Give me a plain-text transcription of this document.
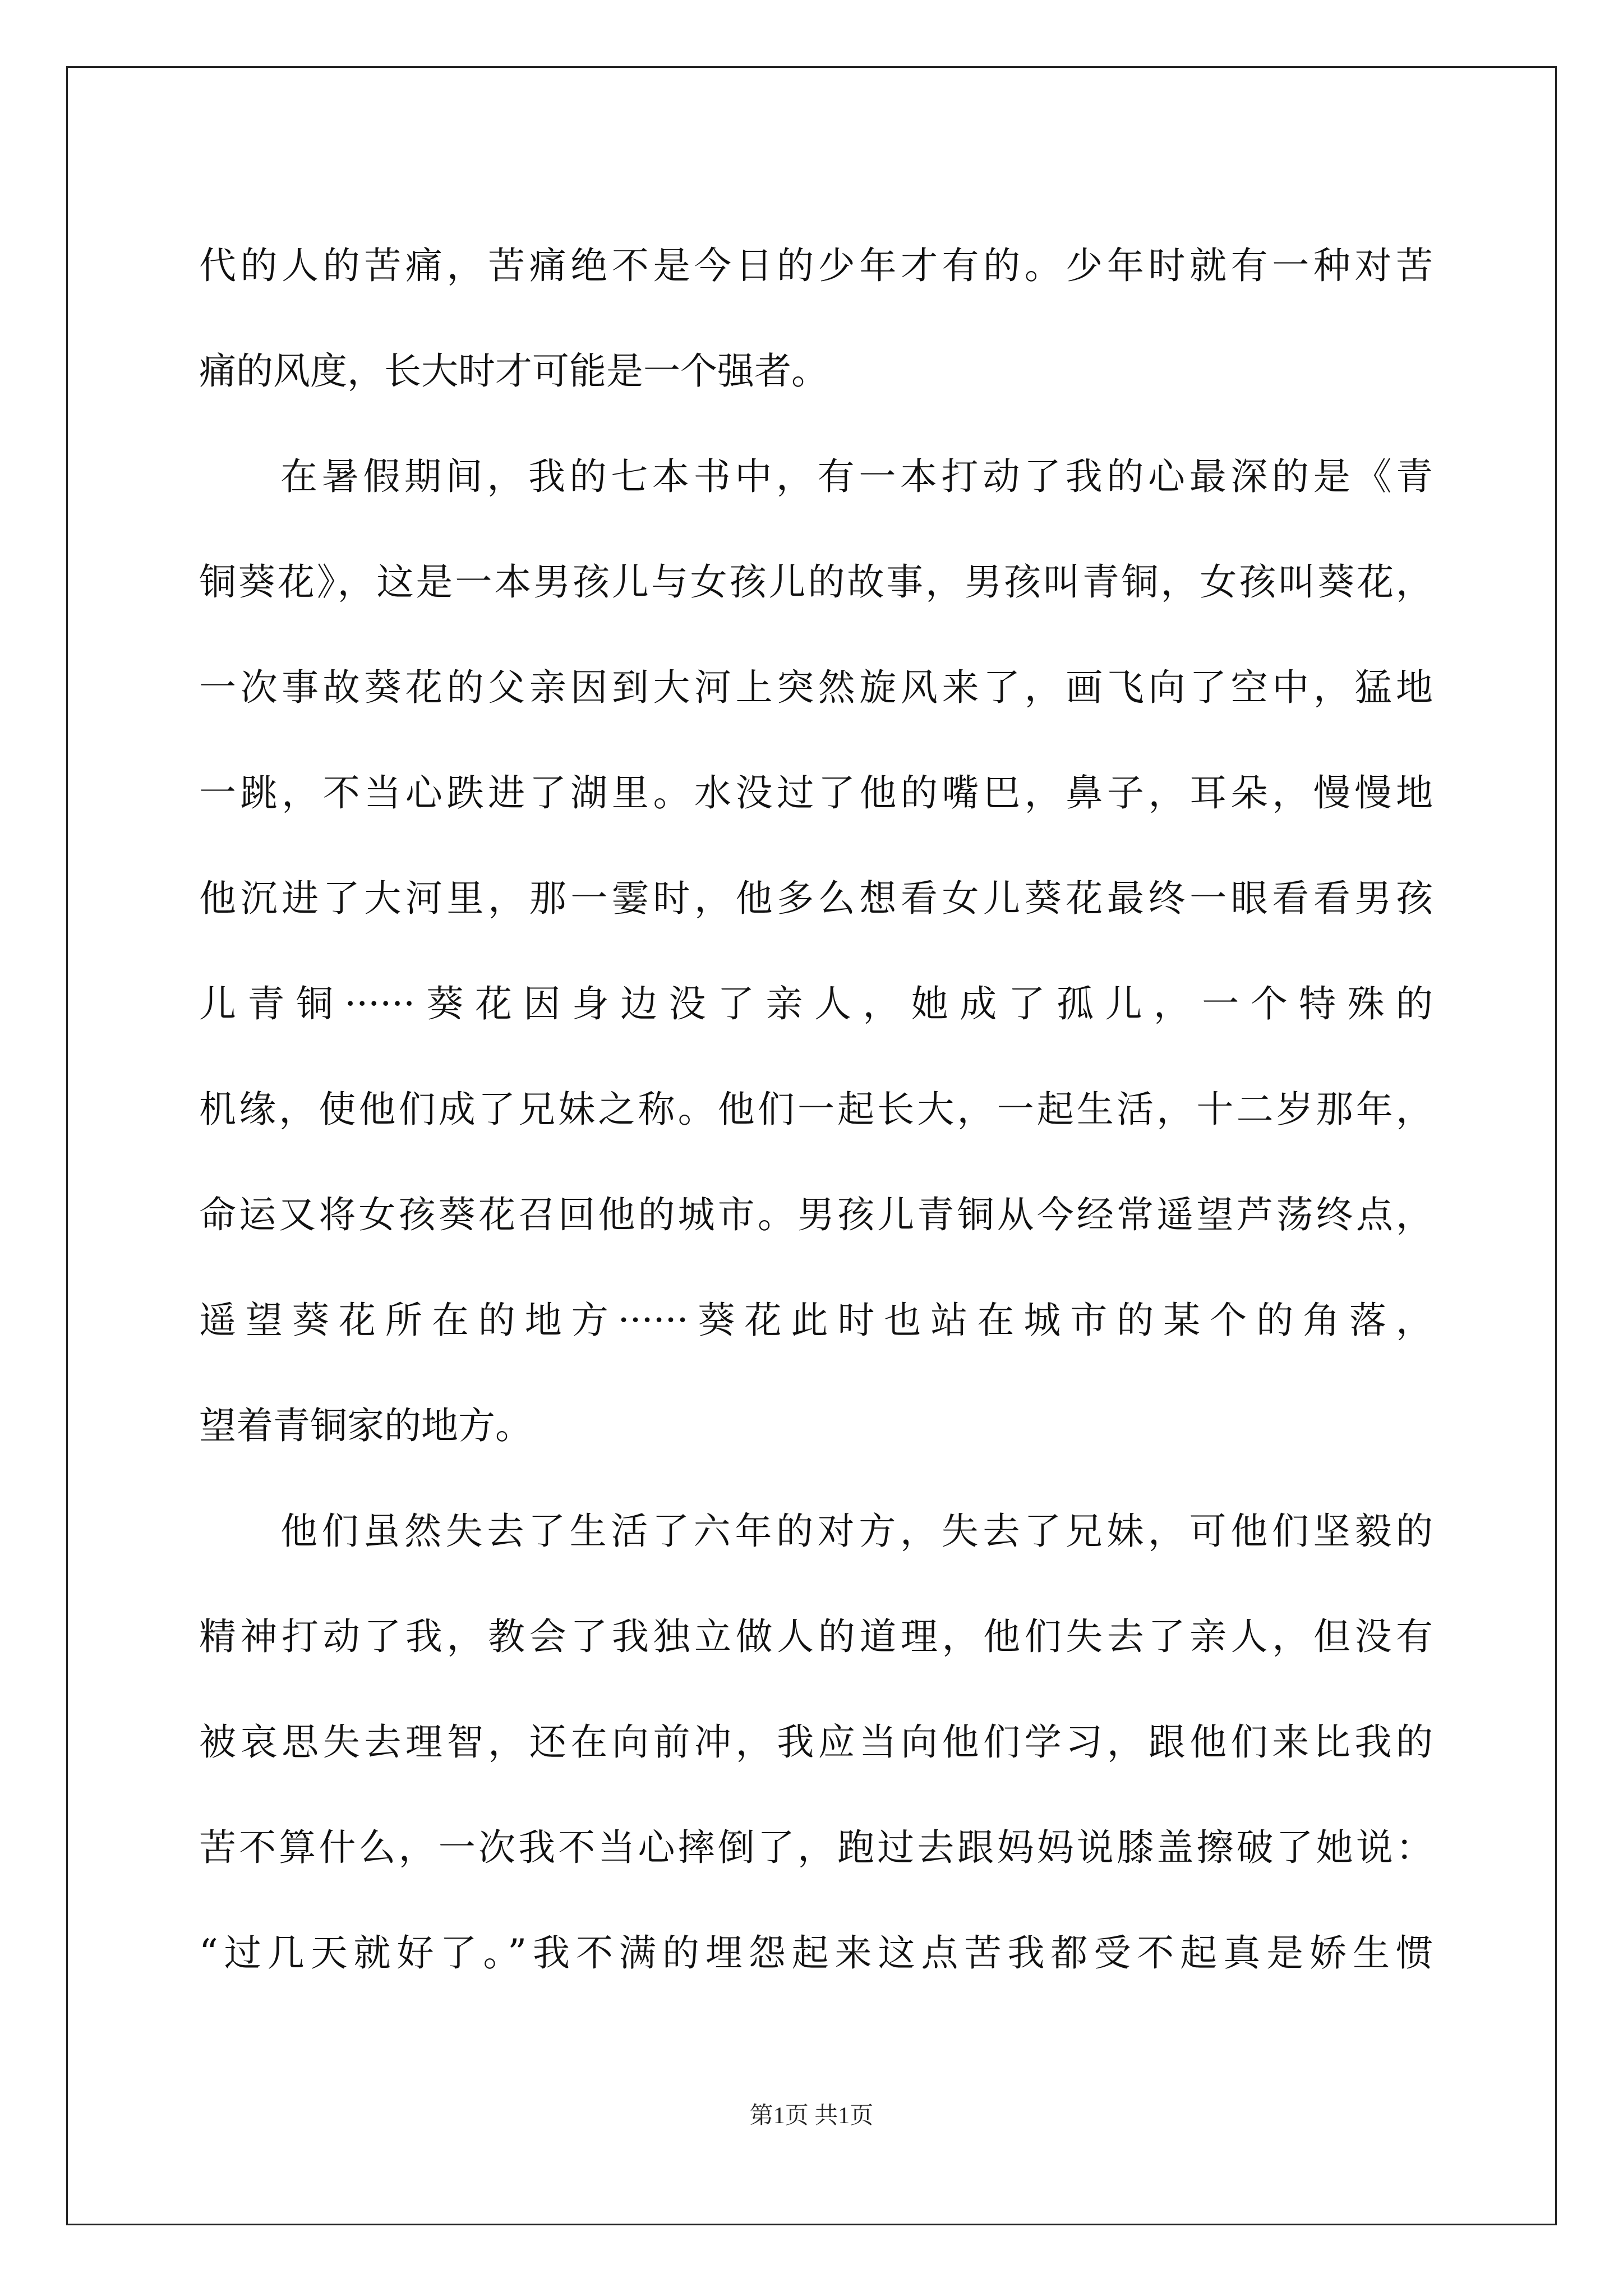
代的人的苦痛，苦痛绝不是今日的少年才有的。少年时就有一种对苦
痛的风度，长大时才可能是一个强者。
在暑假期间，我的七本书中，有一本打动了我的心最深的是《青
铜葵花》，这是一本男孩儿与女孩儿的故事，男孩叫青铜，女孩叫葵花，
一次事故葵花的父亲因到大河上突然旋风来了，画飞向了空中，猛地
一跳，不当心跌进了湖里。水没过了他的嘴巴，鼻子，耳朵，慢慢地
他沉进了大河里，那一霎时，他多么想看女儿葵花最终一眼看看男孩
儿青铜······葵花因身边没了亲人，她成了孤儿，一个特殊的
机缘，使他们成了兄妹之称。他们一起长大，一起生活，十二岁那年，
命运又将女孩葵花召回他的城市。男孩儿青铜从今经常遥望芦荡终点，
遥望葵花所在的地方······葵花此时也站在城市的某个的角落，
望着青铜家的地方。
他们虽然失去了生活了六年的对方，失去了兄妹，可他们坚毅的
精神打动了我，教会了我独立做人的道理，他们失去了亲人，但没有
被哀思失去理智，还在向前冲，我应当向他们学习，跟他们来比我的
苦不算什么，一次我不当心摔倒了，跑过去跟妈妈说膝盖擦破了她说：
“过几天就好了。”我不满的埋怨起来这点苦我都受不起真是娇生惯
第1页 共1页
